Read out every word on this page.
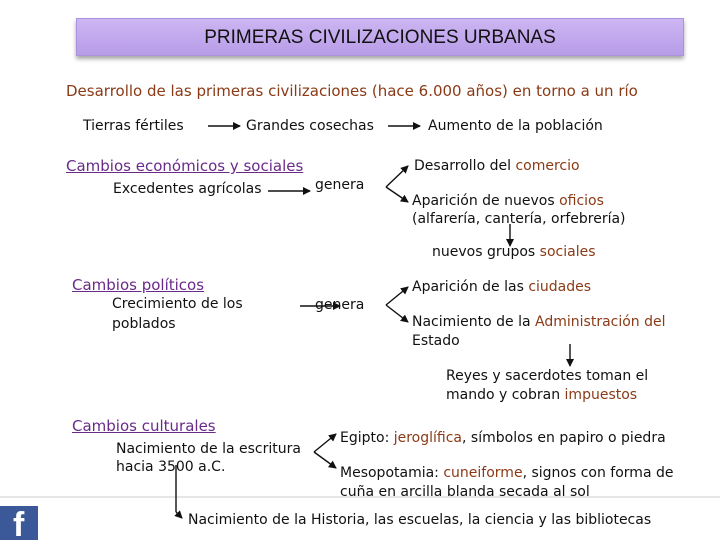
PRIMERAS CIVILIZACIONES URBANAS
Desarrollo de las primeras civilizaciones (hace 6.000 años) en torno a un río
Tierras fértiles	Grandes cosechas	Aumento de la población
Cambios económicos y sociales
Excedentes agrícolas	genera
Desarrollo del comercio
Aparición de nuevos oficios
(alfarería, cantería, orfebrería)
nuevos grupos sociales
Cambios políticos
Crecimiento de los
poblados
genera
Aparición de las ciudades
Nacimiento de la Administración del
Estado
Reyes y sacerdotes toman el
mando y cobran impuestos
Cambios culturales
Nacimiento de la escritura
hacia 3500 a.C.
Egipto: jeroglífica, símbolos en papiro o piedra
Mesopotamia: cuneiforme, signos con forma de
cuña en arcilla blanda secada al sol
Nacimiento de la Historia, las escuelas, la ciencia y las bibliotecas
f
